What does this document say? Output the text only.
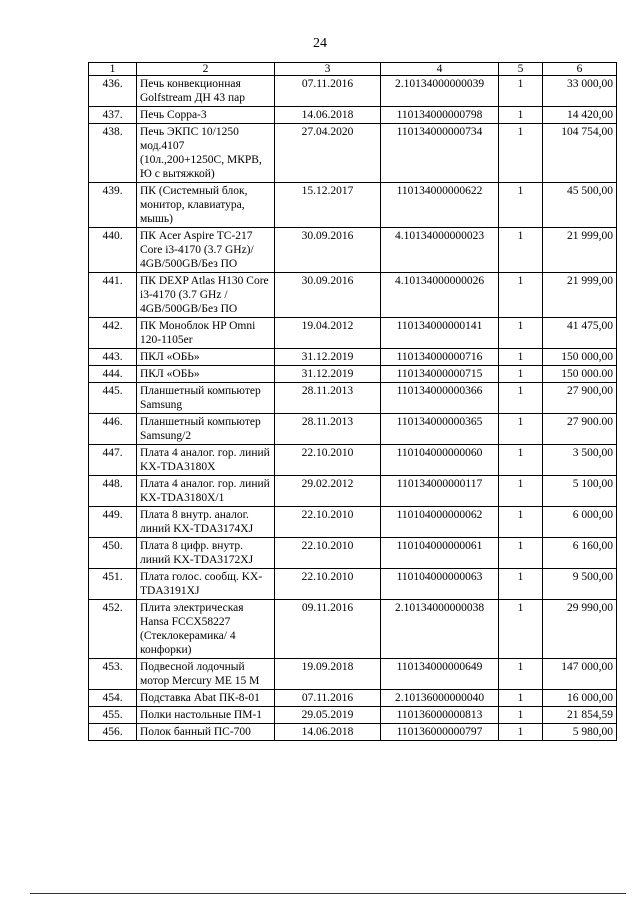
24
1	2	3	4	5	6
436.	Печь конвекционная Golfstream ДН 43 пар	07.11.2016	2.10134000000039	1	33 000,00
437.	Печь Сорра-3	14.06.2018	110134000000798	1	14 420,00
438.	Печь ЭКПС 10/1250 мод.4107 (10л.,200+1250С, МКРВ, Ю с вытяжкой)	27.04.2020	110134000000734	1	104 754,00
439.	ПК (Системный блок, монитор, клавиатура, мышь)	15.12.2017	110134000000622	1	45 500,00
440.	ПК Acer Aspire TC-217 Core i3-4170 (3.7 GHz)/ 4GB/500GB/Без ПО	30.09.2016	4.10134000000023	1	21 999,00
441.	ПК DEXP Atlas H130 Core i3-4170 (3.7 GHz / 4GB/500GB/Без ПО	30.09.2016	4.10134000000026	1	21 999,00
442.	ПК Моноблок HP Omni 120-1105er	19.04.2012	110134000000141	1	41 475,00
443.	ПКЛ «ОБЬ»	31.12.2019	110134000000716	1	150 000,00
444.	ПКЛ «ОБЬ»	31.12.2019	110134000000715	1	150 000.00
445.	Планшетный компьютер Samsung	28.11.2013	110134000000366	1	27 900,00
446.	Планшетный компьютер Samsung/2	28.11.2013	110134000000365	1	27 900.00
447.	Плата 4 аналог. гор. линий KX-TDA3180X	22.10.2010	110104000000060	1	3 500,00
448.	Плата 4 аналог. гор. линий KX-TDA3180X/1	29.02.2012	110134000000117	1	5 100,00
449.	Плата 8 внутр. аналог. линий KX-TDA3174XJ	22.10.2010	110104000000062	1	6 000,00
450.	Плата 8 цифр. внутр. линий KX-TDA3172XJ	22.10.2010	110104000000061	1	6 160,00
451.	Плата голос. сообщ. KX-TDA3191XJ	22.10.2010	110104000000063	1	9 500,00
452.	Плита электрическая Hansa FCCX58227 (Стеклокерамика/ 4 конфорки)	09.11.2016	2.10134000000038	1	29 990,00
453.	Подвесной лодочный мотор Mercury ME 15 M	19.09.2018	110134000000649	1	147 000,00
454.	Подставка Abat ПК-8-01	07.11.2016	2.10136000000040	1	16 000,00
455.	Полки настольные ПМ-1	29.05.2019	110136000000813	1	21 854,59
456.	Полок банный ПС-700	14.06.2018	110136000000797	1	5 980,00
